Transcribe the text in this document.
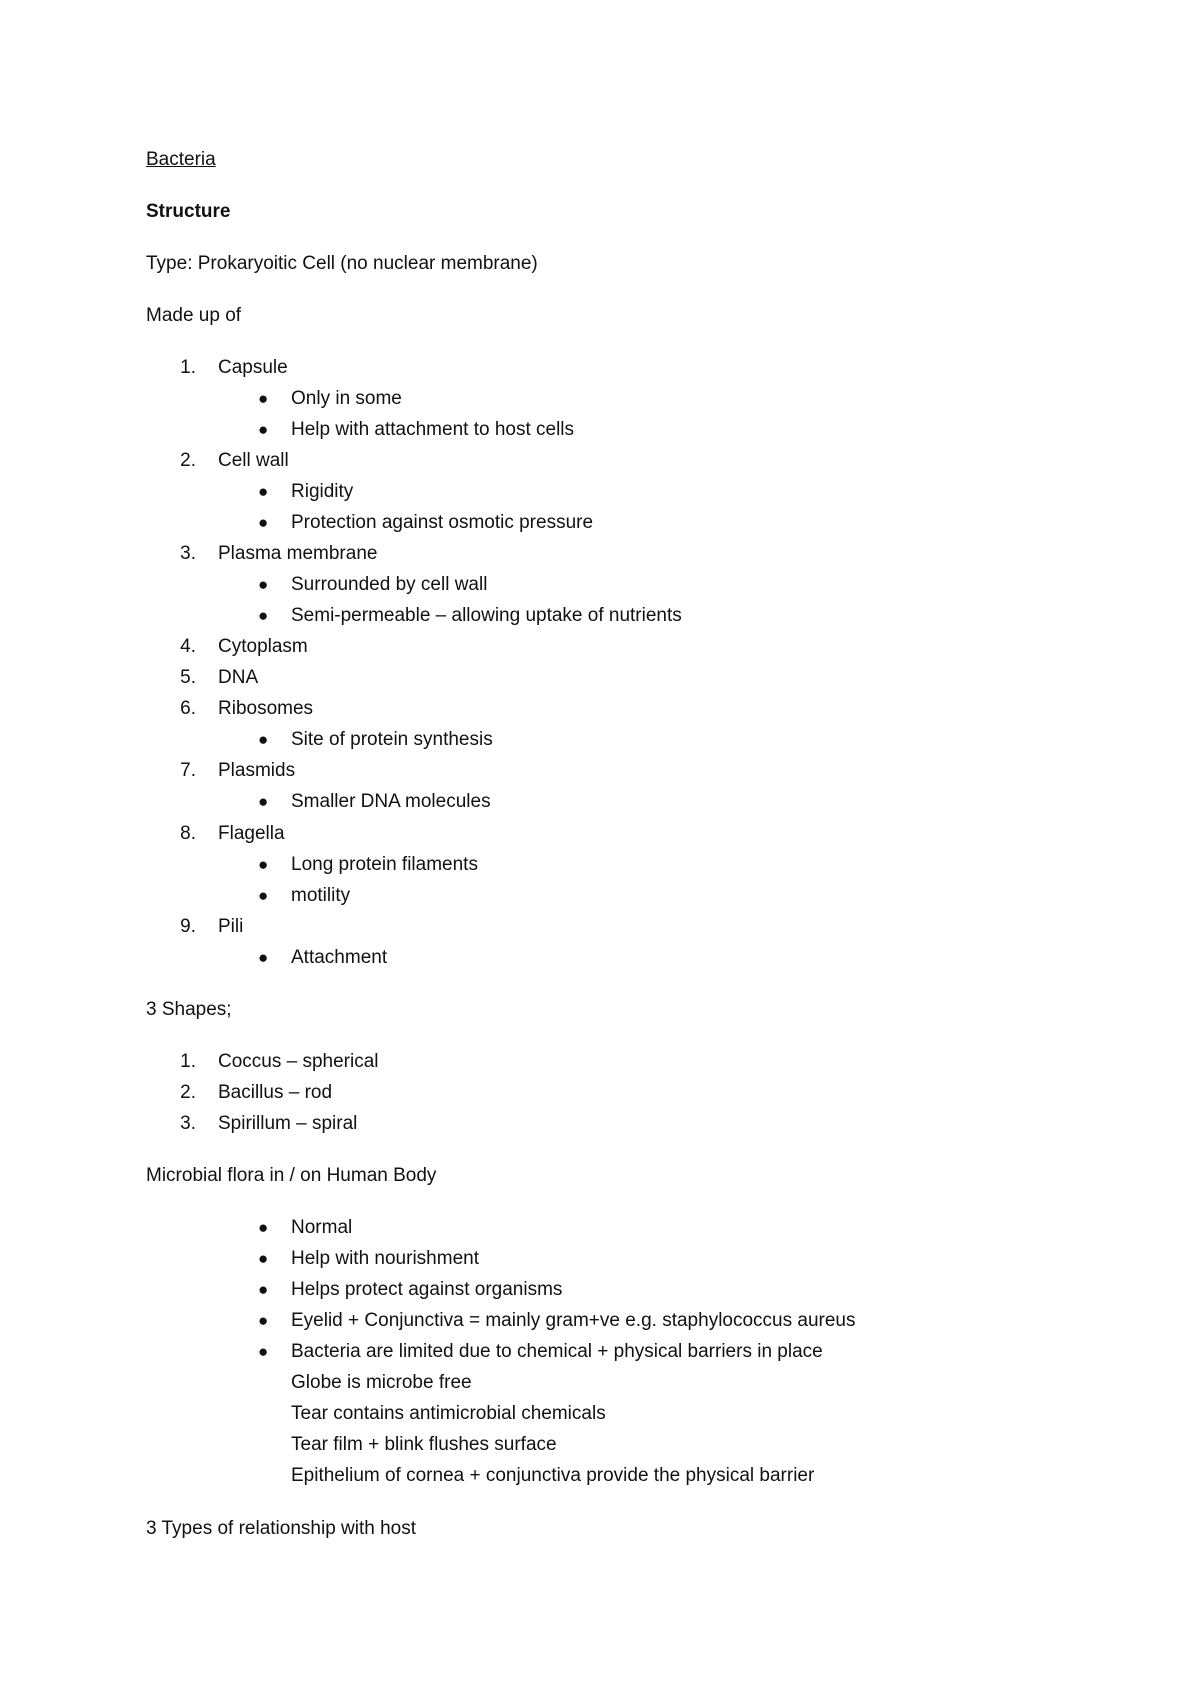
Bacteria
Structure
Type: Prokaryoitic Cell (no nuclear membrane)
Made up of
1. Capsule
● Only in some
● Help with attachment to host cells
2. Cell wall
● Rigidity
● Protection against osmotic pressure
3. Plasma membrane
● Surrounded by cell wall
● Semi-permeable – allowing uptake of nutrients
4. Cytoplasm
5. DNA
6. Ribosomes
● Site of protein synthesis
7. Plasmids
● Smaller DNA molecules
8. Flagella
● Long protein filaments
● motility
9. Pili
● Attachment
3 Shapes;
1. Coccus – spherical
2. Bacillus – rod
3. Spirillum – spiral
Microbial flora in / on Human Body
● Normal
● Help with nourishment
● Helps protect against organisms
● Eyelid + Conjunctiva = mainly gram+ve e.g. staphylococcus aureus
● Bacteria are limited due to chemical + physical barriers in place
Globe is microbe free
Tear contains antimicrobial chemicals
Tear film + blink flushes surface
Epithelium of cornea + conjunctiva provide the physical barrier
3 Types of relationship with host
